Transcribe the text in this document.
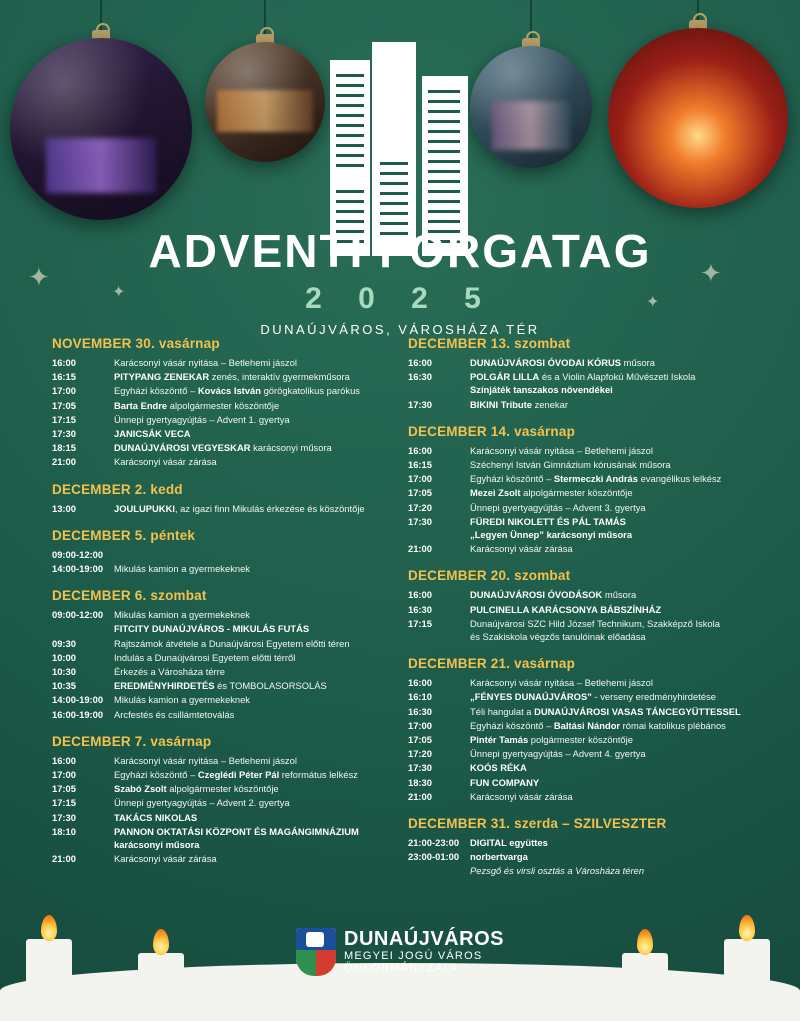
✦
✦
✦
✦
ADVENTI FORGATAG
2 0 2 5
DUNAÚJVÁROS, VÁROSHÁZA TÉR
NOVEMBER 30. vasárnap
16:00	Karácsonyi vásár nyitása – Betlehemi jászol
16:15	PITYPANG ZENEKAR zenés, interaktív gyermekműsora
17:00	Egyházi köszöntő – Kovács István görögkatolikus parókus
17:05	Barta Endre alpolgármester köszöntője
17:15	Ünnepi gyertyagyújtás – Advent 1. gyertya
17:30	JANICSÁK VECA
18:15	DUNAÚJVÁROSI VEGYESKAR karácsonyi műsora
21:00	Karácsonyi vásár zárása
DECEMBER 2. kedd
13:00	JOULUPUKKI, az igazi finn Mikulás érkezése és köszöntője
DECEMBER 5. péntek
09:00-12:00
14:00-19:00	Mikulás kamion a gyermekeknek
DECEMBER 6. szombat
09:00-12:00	Mikulás kamion a gyermekeknek
FITCITY DUNAÚJVÁROS - MIKULÁS FUTÁS
09:30	Rajtszámok átvétele a Dunaújvárosi Egyetem előtti téren
10:00	Indulás a Dunaújvárosi Egyetem előtti térről
10:30	Érkezés a Városháza térre
10:35	EREDMÉNYHIRDETÉS és TOMBOLASORSOLÁS
14:00-19:00	Mikulás kamion a gyermekeknek
16:00-19:00	Arcfestés és csillámtetoválás
DECEMBER 7. vasárnap
16:00	Karácsonyi vásár nyitása – Betlehemi jászol
17:00	Egyházi köszöntő – Czeglédi Péter Pál református lelkész
17:05	Szabó Zsolt alpolgármester köszöntője
17:15	Ünnepi gyertyagyújtás – Advent 2. gyertya
17:30	TAKÁCS NIKOLAS
18:10	PANNON OKTATÁSI KÖZPONT ÉS MAGÁNGIMNÁZIUM
karácsonyi műsora
21:00	Karácsonyi vásár zárása
DECEMBER 13. szombat
16:00	DUNAÚJVÁROSI ÓVODAI KÓRUS műsora
16:30	POLGÁR LILLA és a Violin Alapfokú Művészeti Iskola
Színjáték tanszakos növendékei
17:30	BIKINI Tribute zenekar
DECEMBER 14. vasárnap
16:00	Karácsonyi vásár nyitása – Betlehemi jászol
16:15	Széchenyi István Gimnázium kórusának műsora
17:00	Egyházi köszöntő – Stermeczki András evangélikus lelkész
17:05	Mezei Zsolt alpolgármester köszöntője
17:20	Ünnepi gyertyagyújtás – Advent 3. gyertya
17:30	FÜREDI NIKOLETT ÉS PÁL TAMÁS
„Legyen Ünnep” karácsonyi műsora
21:00	Karácsonyi vásár zárása
DECEMBER 20. szombat
16:00	DUNAÚJVÁROSI ÓVODÁSOK műsora
16:30	PULCINELLA KARÁCSONYA BÁBSZÍNHÁZ
17:15	Dunaújvárosi SZC Hild József Technikum, Szakképző Iskola
és Szakiskola végzős tanulóinak előadása
DECEMBER 21. vasárnap
16:00	Karácsonyi vásár nyitása – Betlehemi jászol
16:10	„FÉNYES DUNAÚJVÁROS” - verseny eredményhirdetése
16:30	Téli hangulat a DUNAÚJVÁROSI VASAS TÁNCEGYÜTTESSEL
17:00	Egyházi köszöntő – Baltási Nándor római katolikus plébános
17:05	Pintér Tamás polgármester köszöntője
17:20	Ünnepi gyertyagyújtás – Advent 4. gyertya
17:30	KOÓS RÉKA
18:30	FUN COMPANY
21:00	Karácsonyi vásár zárása
DECEMBER 31. szerda – SZILVESZTER
21:00-23:00	DIGITAL együttes
23:00-01:00	norbertvarga
Pezsgő és virsli osztás a Városháza téren
DUNAÚJVÁROS
MEGYEI JOGÚ VÁROS
ÖNKORMÁNYZATA
